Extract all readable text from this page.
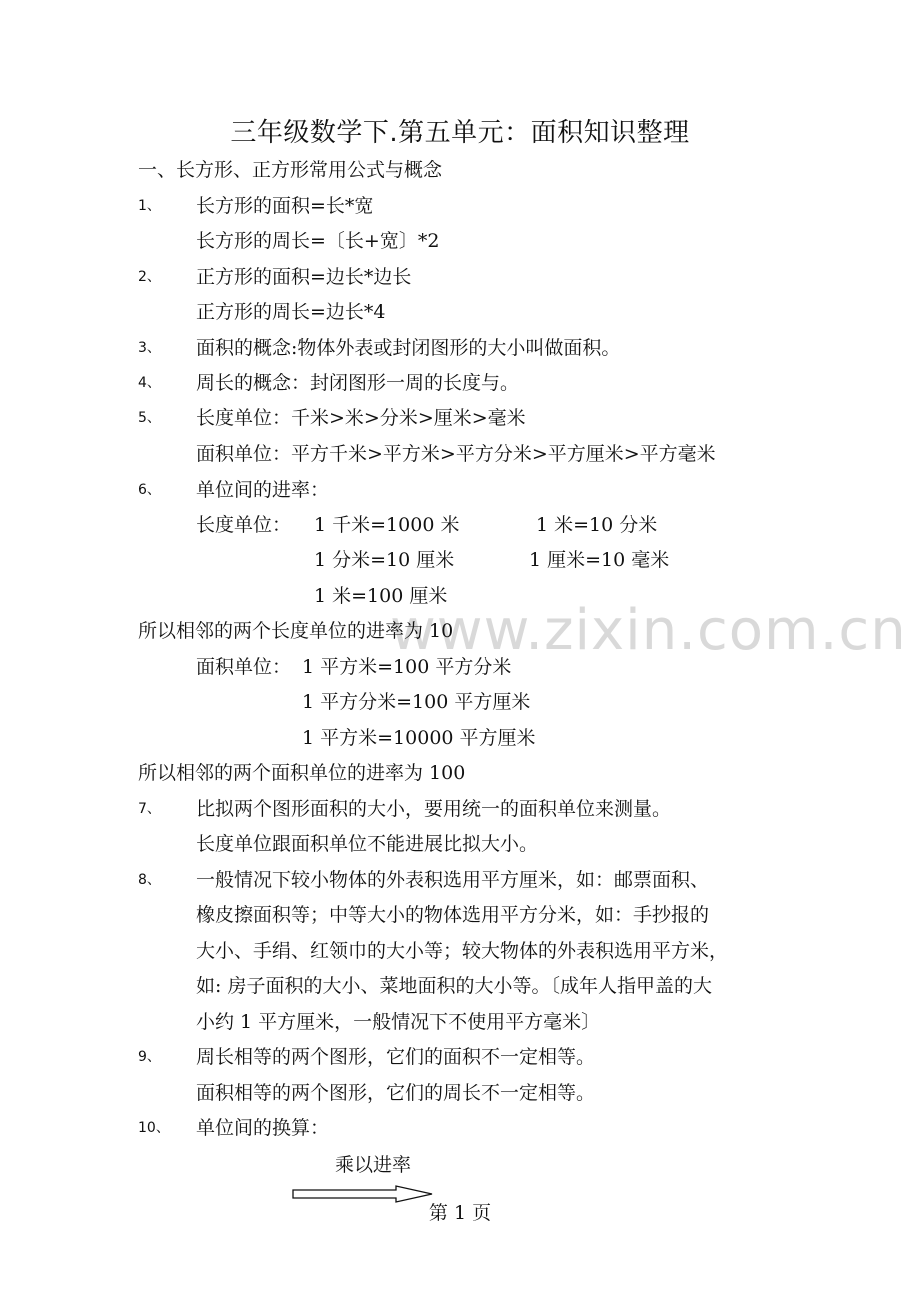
www.zixin.com.cn
三年级数学下.第五单元：面积知识整理
一、长方形、正方形常用公式与概念
1、 长方形的面积=长*宽
长方形的周长=〔长+宽〕*2
2、 正方形的面积=边长*边长
正方形的周长=边长*4
3、 面积的概念:物体外表或封闭图形的大小叫做面积。
4、 周长的概念：封闭图形一周的长度与。
5、 长度单位：千米>米>分米>厘米>毫米
面积单位：平方千米>平方米>平方分米>平方厘米>平方毫米
6、 单位间的进率：
长度单位： 1 千米=1000 米	1 米=10 分米
1 分米=10 厘米	1 厘米=10 毫米
1 米=100 厘米
所以相邻的两个长度单位的进率为 10
面积单位： 1 平方米=100 平方分米
1 平方分米=100 平方厘米
1 平方米=10000 平方厘米
所以相邻的两个面积单位的进率为 100
7、 比拟两个图形面积的大小，要用统一的面积单位来测量。
长度单位跟面积单位不能进展比拟大小。
8、 一般情况下较小物体的外表积选用平方厘米，如：邮票面积、
橡皮擦面积等；中等大小的物体选用平方分米，如：手抄报的
大小、手绢、红领巾的大小等；较大物体的外表积选用平方米，
如: 房子面积的大小、菜地面积的大小等。〔成年人指甲盖的大
小约 1 平方厘米，一般情况下不使用平方毫米〕
9、 周长相等的两个图形，它们的面积不一定相等。
面积相等的两个图形，它们的周长不一定相等。
10、 单位间的换算：
乘以进率
第 1 页
